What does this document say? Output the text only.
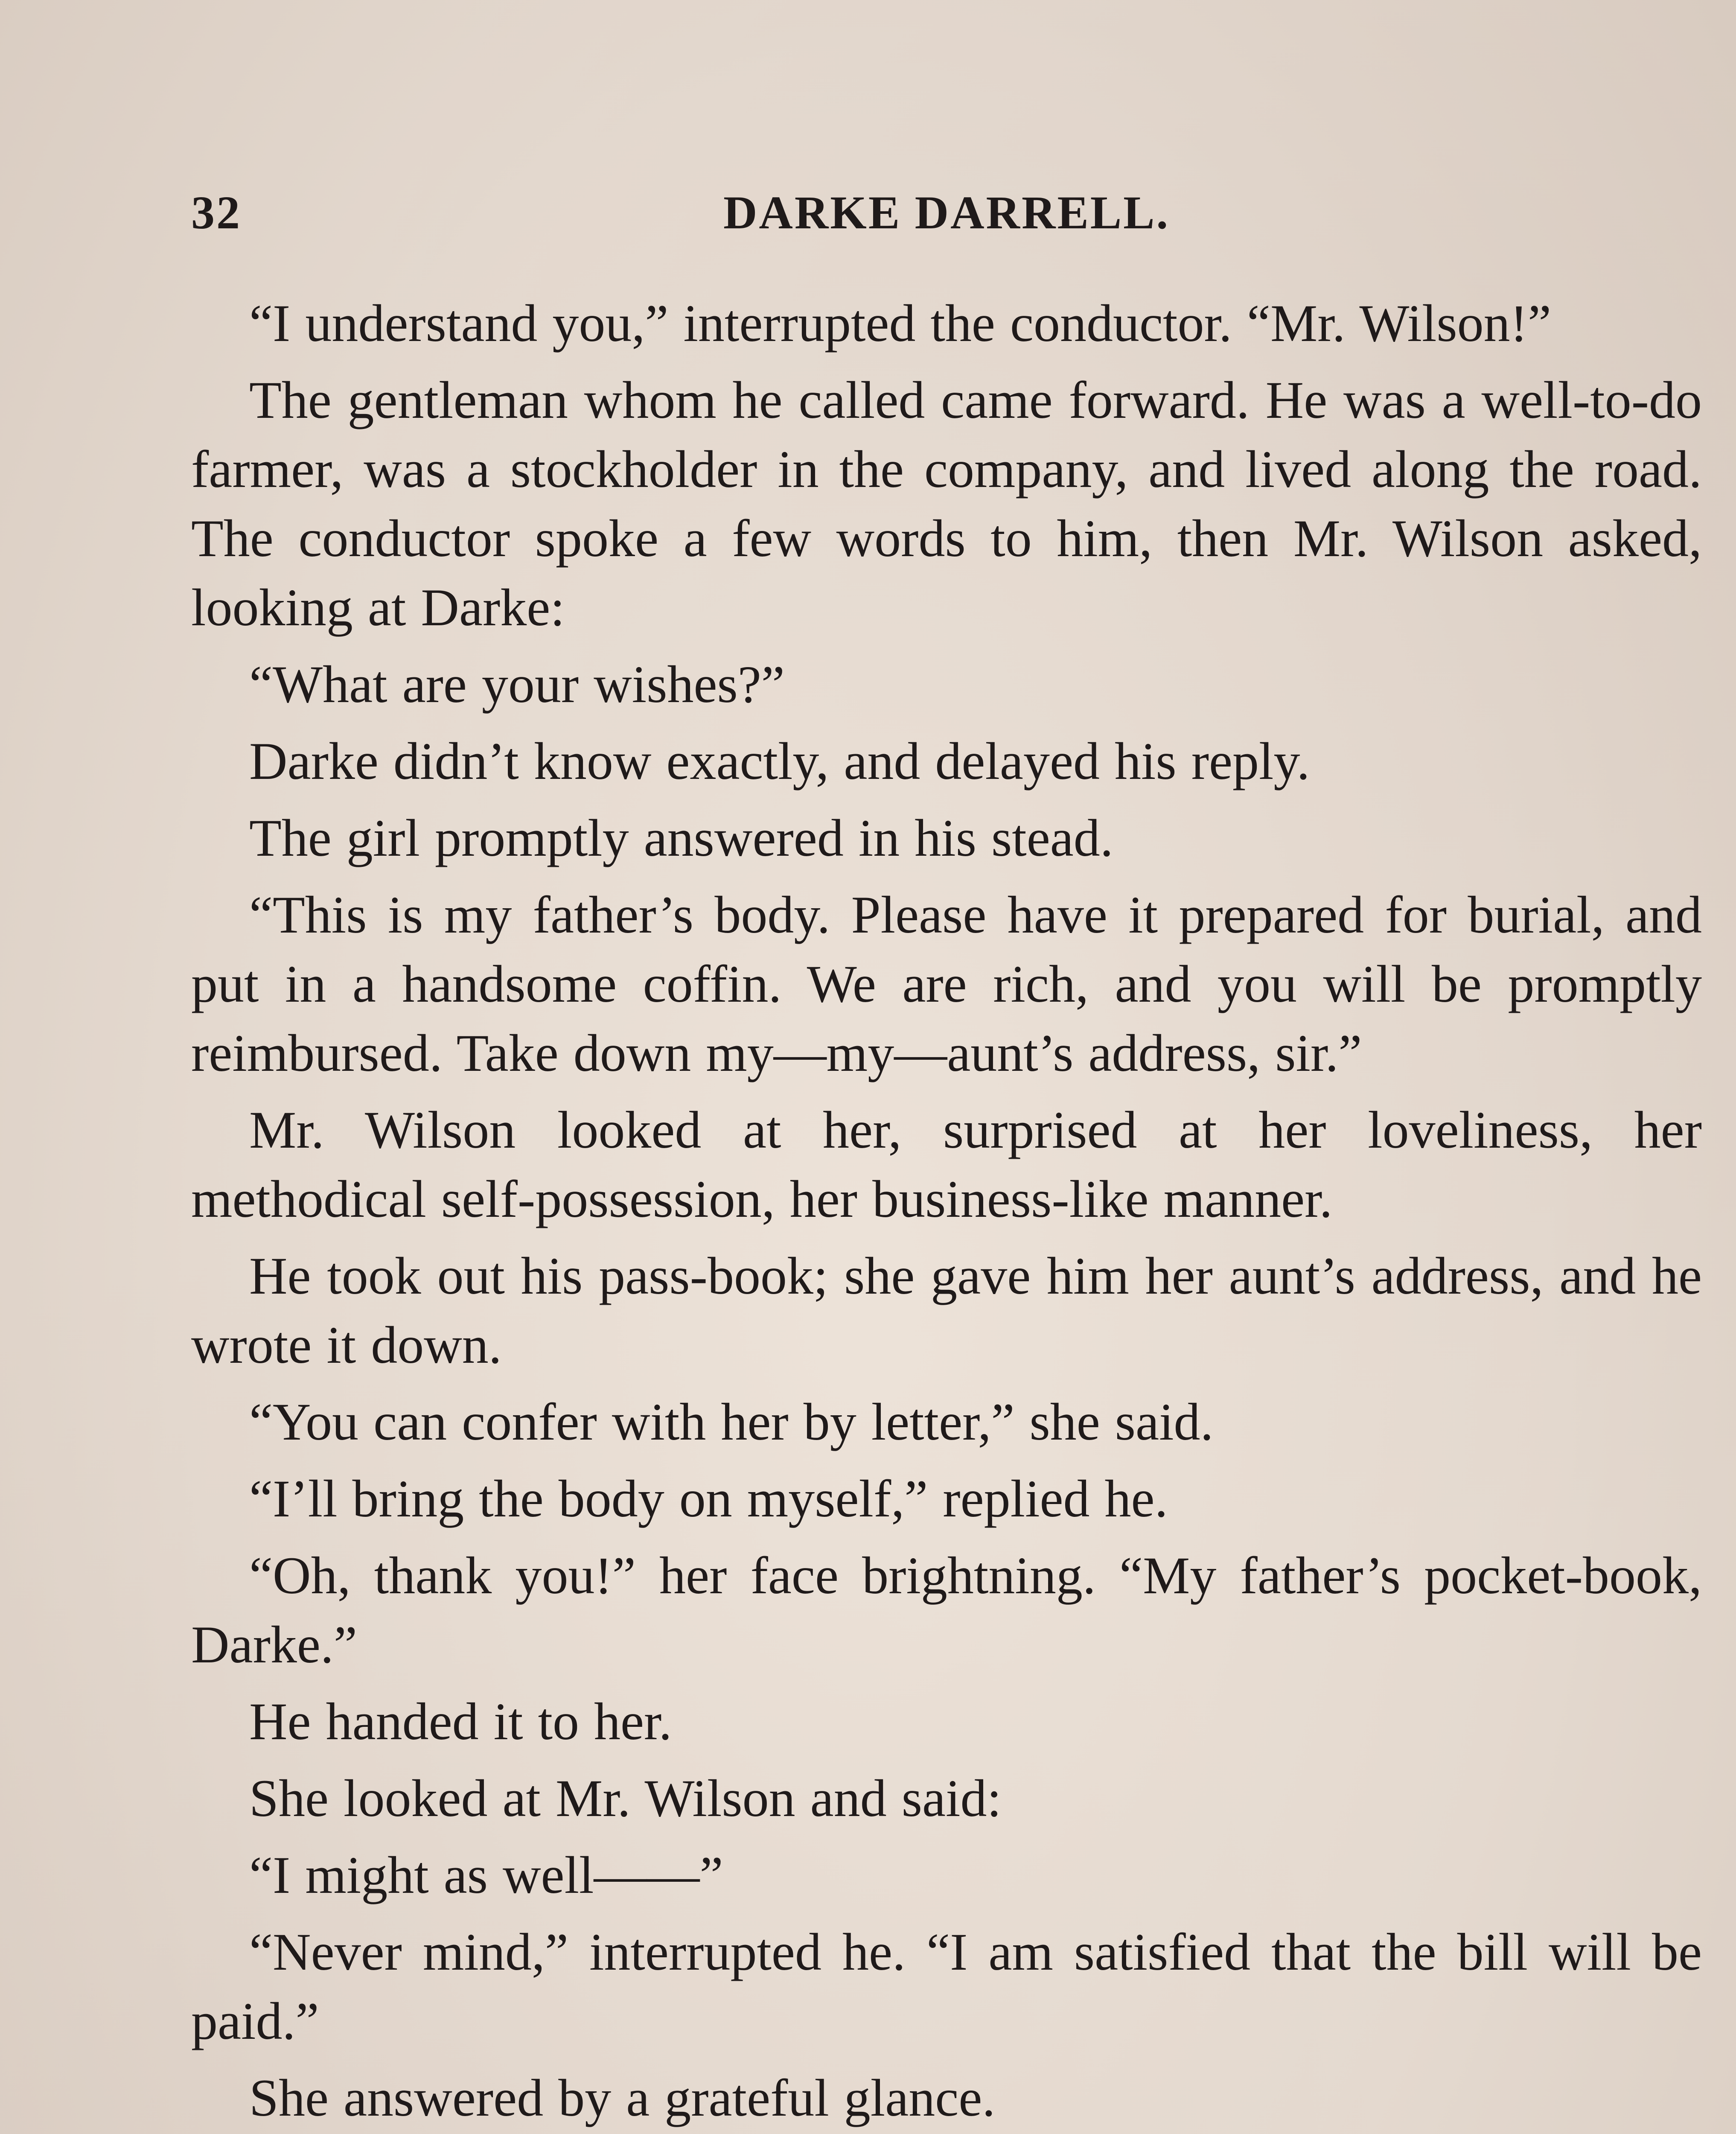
32	DARKE DARRELL.

“I understand you,” interrupted the conductor. “Mr. Wilson!”

The gentleman whom he called came forward. He was a well-to-do farmer, was a stockholder in the company, and lived along the road. The conductor spoke a few words to him, then Mr. Wilson asked, looking at Darke:

“What are your wishes?”

Darke didn’t know exactly, and delayed his reply.

The girl promptly answered in his stead.

“This is my father’s body. Please have it prepared for burial, and put in a handsome coffin. We are rich, and you will be promptly reimbursed. Take down my—my—aunt’s address, sir.”

Mr. Wilson looked at her, surprised at her loveliness, her methodical self-possession, her business-like manner.

He took out his pass-book; she gave him her aunt’s address, and he wrote it down.

“You can confer with her by letter,” she said.

“I’ll bring the body on myself,” replied he.

“Oh, thank you!” her face brightning. “My father’s pocket-book, Darke.”

He handed it to her.

She looked at Mr. Wilson and said:

“I might as well——”

“Never mind,” interrupted he. “I am satisfied that the bill will be paid.”

She answered by a grateful glance.
